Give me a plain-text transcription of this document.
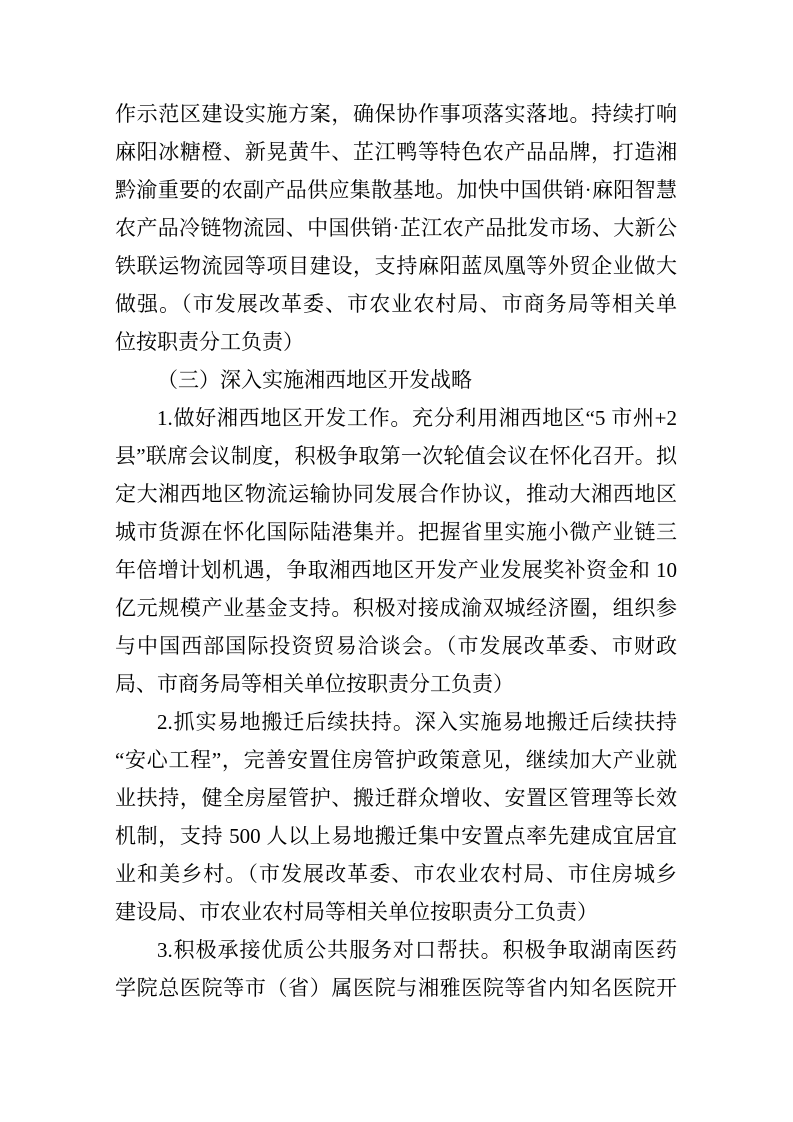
作示范区建设实施方案，确保协作事项落实落地。持续打响
麻阳冰糖橙、新晃黄牛、芷江鸭等特色农产品品牌，打造湘
黔渝重要的农副产品供应集散基地。加快中国供销·麻阳智慧
农产品冷链物流园、中国供销·芷江农产品批发市场、大新公
铁联运物流园等项目建设，支持麻阳蓝凤凰等外贸企业做大
做强。（市发展改革委、市农业农村局、市商务局等相关单
位按职责分工负责）
（三）深入实施湘西地区开发战略
1.做好湘西地区开发工作。充分利用湘西地区“5 市州+2
县”联席会议制度，积极争取第一次轮值会议在怀化召开。拟
定大湘西地区物流运输协同发展合作协议，推动大湘西地区
城市货源在怀化国际陆港集并。把握省里实施小微产业链三
年倍增计划机遇，争取湘西地区开发产业发展奖补资金和 10
亿元规模产业基金支持。积极对接成渝双城经济圈，组织参
与中国西部国际投资贸易洽谈会。（市发展改革委、市财政
局、市商务局等相关单位按职责分工负责）
2.抓实易地搬迁后续扶持。深入实施易地搬迁后续扶持
“安心工程”，完善安置住房管护政策意见，继续加大产业就
业扶持，健全房屋管护、搬迁群众增收、安置区管理等长效
机制，支持 500 人以上易地搬迁集中安置点率先建成宜居宜
业和美乡村。（市发展改革委、市农业农村局、市住房城乡
建设局、市农业农村局等相关单位按职责分工负责）
3.积极承接优质公共服务对口帮扶。积极争取湖南医药
学院总医院等市（省）属医院与湘雅医院等省内知名医院开
